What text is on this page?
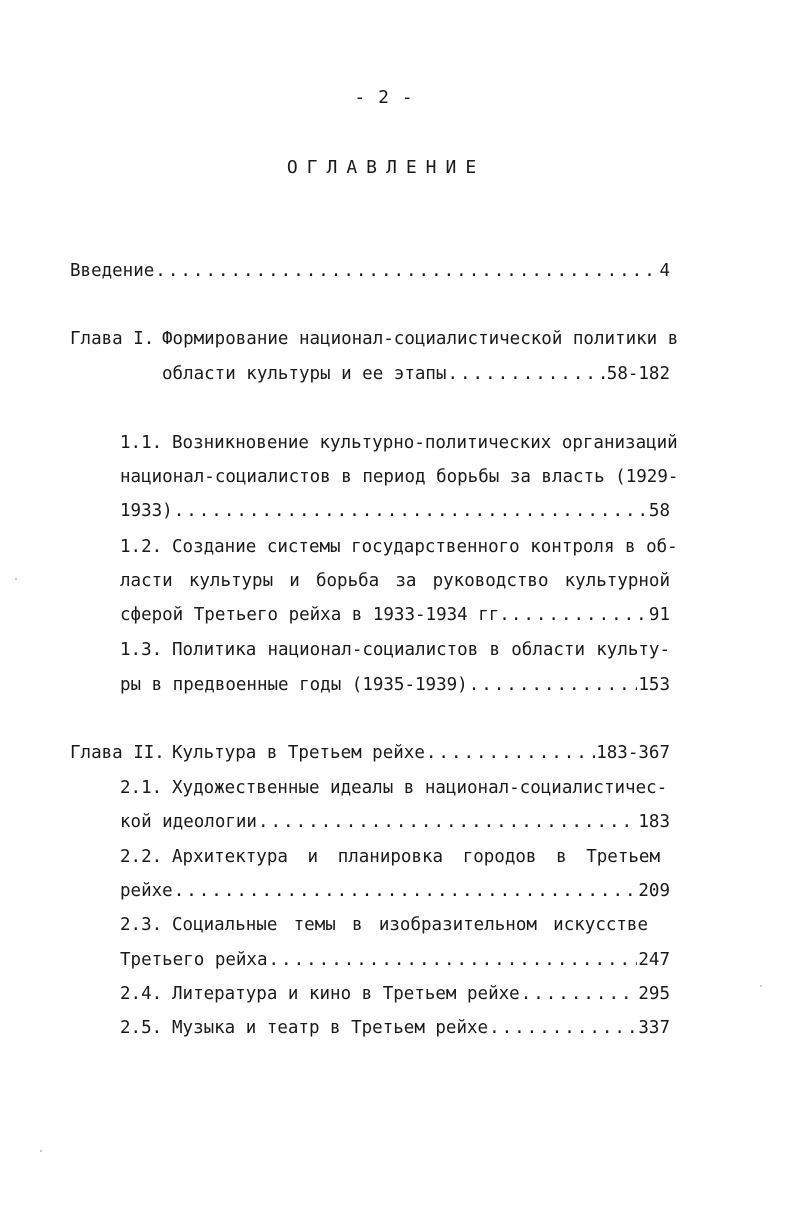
- 2 -
ОГЛАВЛЕНИЕ
Введение .....	4
Глава I. Формирование национал-социалистической политики в
области культуры и ее этапы .....	58-182
1.1. Возникновение культурно-политических организаций
национал-социалистов в период борьбы за власть (1929-
1933) .....	58
1.2. Создание системы государственного контроля в об-
ласти культуры и борьба за руководство культурной
сферой Третьего рейха в 1933-1934 гг. .....	91
1.3. Политика национал-социалистов в области культу-
ры в предвоенные годы (1935-1939) .....	153
Глава II. Культура в Третьем рейхе .....	183-367
2.1. Художественные идеалы в национал-социалистичес-
кой идеологии .....	183
2.2. Архитектура и планировка городов в Третьем
рейхе .....	209
2.3. Социальные темы в изобразительном искусстве
Третьего рейха .....	247
2.4. Литература и кино в Третьем рейхе .....	295
2.5. Музыка и театр в Третьем рейхе .....	337
